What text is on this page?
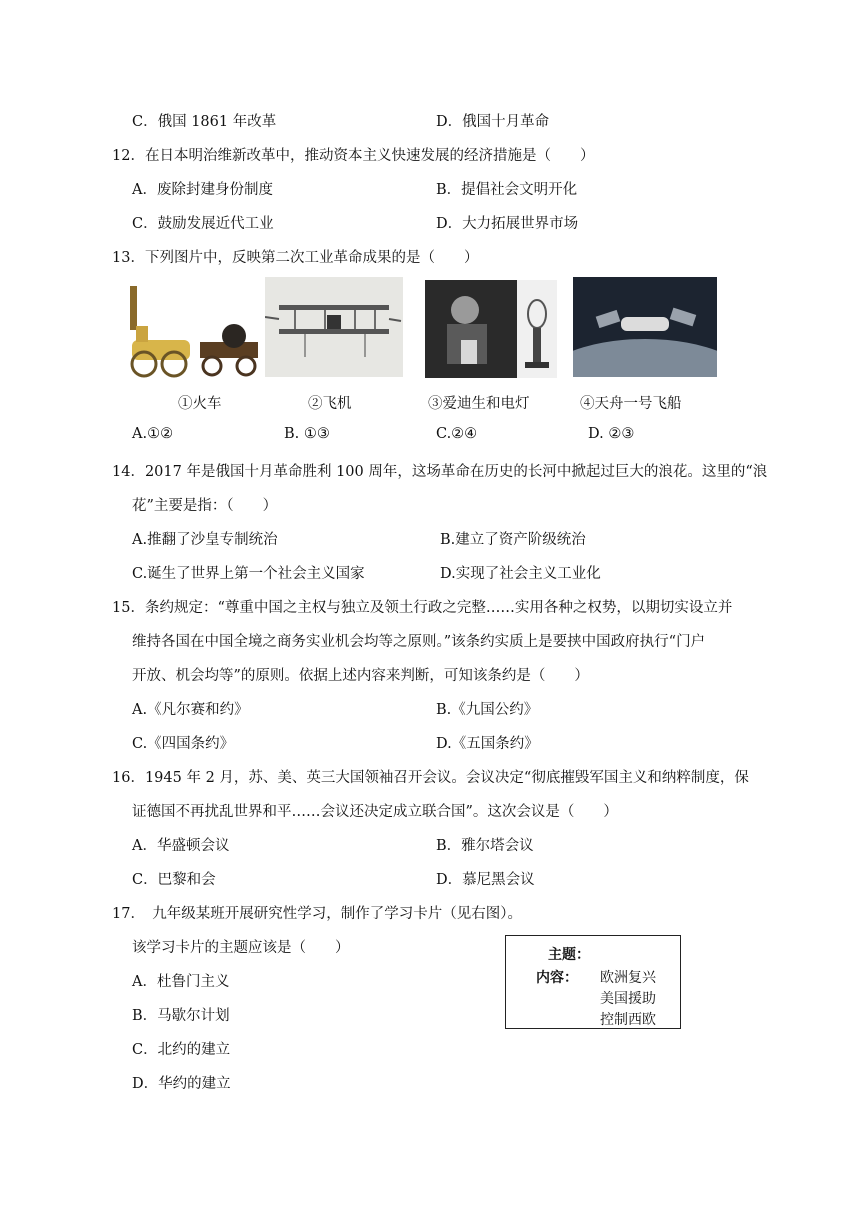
C．俄国 1861 年改革	D．俄国十月革命
12．在日本明治维新改革中，推动资本主义快速发展的经济措施是（　　）
A．废除封建身份制度	B．提倡社会文明开化
C．鼓励发展近代工业	D．大力拓展世界市场
13．下列图片中，反映第二次工业革命成果的是（　　）
①火车	②飞机	③爱迪生和电灯	④天舟一号飞船
A.①②	B. ①③	C.②④	D. ②③
14．2017 年是俄国十月革命胜利 100 周年，这场革命在历史的长河中掀起过巨大的浪花。这里的“浪
花”主要是指：（　　）
A.推翻了沙皇专制统治	B.建立了资产阶级统治
C.诞生了世界上第一个社会主义国家	D.实现了社会主义工业化
15．条约规定：“尊重中国之主权与独立及领土行政之完整……实用各种之权势，以期切实设立并
维持各国在中国全境之商务实业机会均等之原则。”该条约实质上是要挟中国政府执行“门户
开放、机会均等”的原则。依据上述内容来判断，可知该条约是（　　）
A.《凡尔赛和约》	B.《九国公约》
C.《四国条约》	D.《五国条约》
16．1945 年 2 月，苏、美、英三大国领袖召开会议。会议决定“彻底摧毁军国主义和纳粹制度，保
证德国不再扰乱世界和平……会议还决定成立联合国”。这次会议是（　　）
A．华盛顿会议	B．雅尔塔会议
C．巴黎和会	D．慕尼黑会议
17．　九年级某班开展研究性学习，制作了学习卡片（见右图）。
该学习卡片的主题应该是（　　）
A．杜鲁门主义
B．马歇尔计划
C．北约的建立
D．华约的建立
主题：
内容： 欧洲复兴
美国援助
控制西欧
